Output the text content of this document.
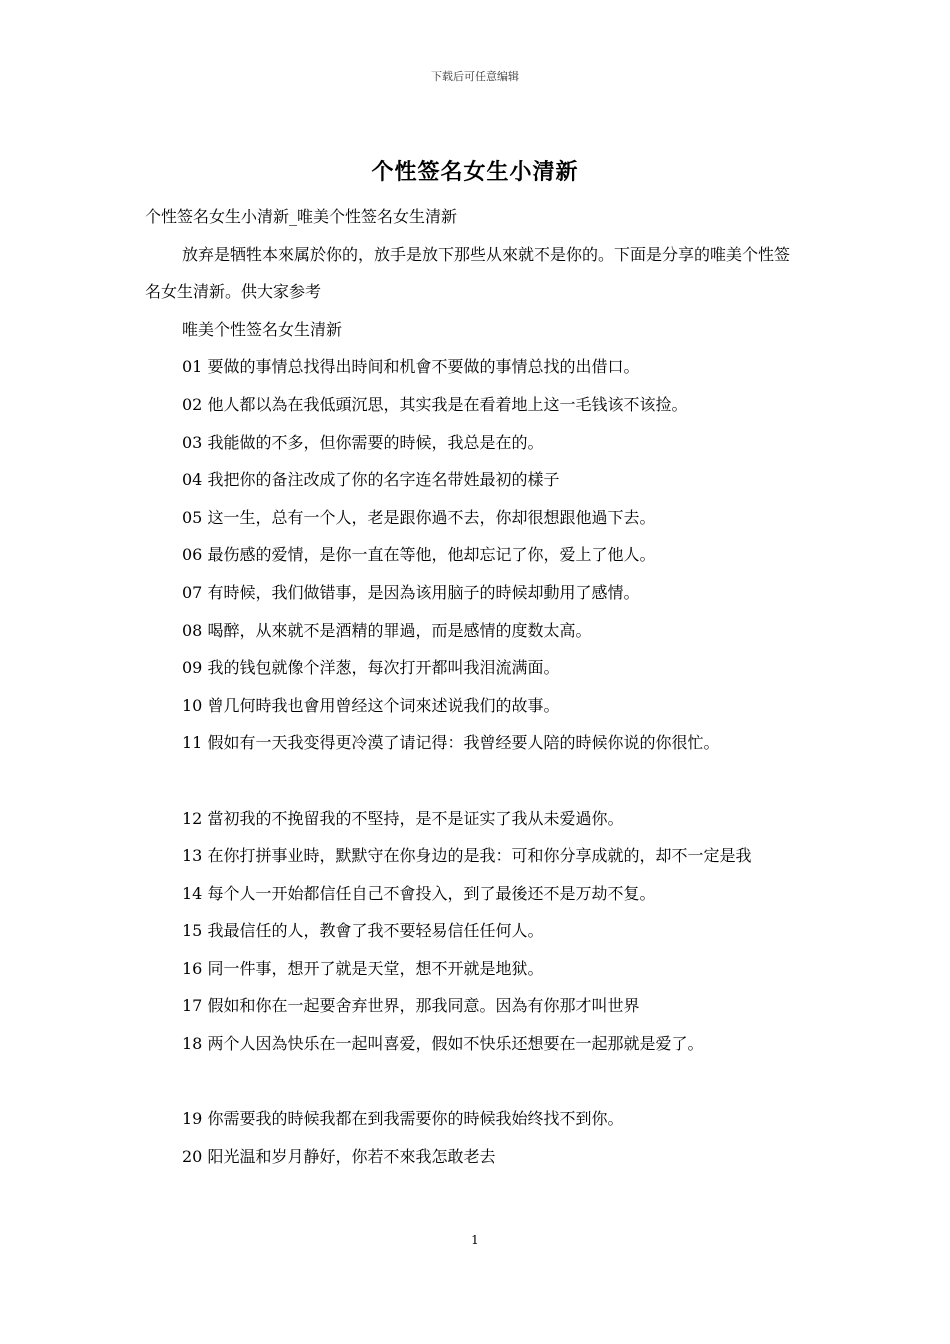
下载后可任意编辑
个性签名女生小清新

个性签名女生小清新_唯美个性签名女生清新

放弃是牺牲本來属於你的，放手是放下那些从來就不是你的。下面是分享的唯美个性签名女生清新。供大家参考

唯美个性签名女生清新

01 要做的事情总找得出時间和机會不要做的事情总找的出借口。

02 他人都以為在我低頭沉思，其实我是在看着地上这一毛钱该不该捡。

03 我能做的不多，但你需要的時候，我总是在的。

04 我把你的备注改成了你的名字连名带姓最初的樣子

05 这一生，总有一个人，老是跟你過不去，你却很想跟他過下去。

06 最伤感的爱情，是你一直在等他，他却忘记了你，爱上了他人。

07 有時候，我们做错事，是因為该用脑子的時候却動用了感情。

08 喝醉，从來就不是酒精的罪過，而是感情的度数太高。

09 我的钱包就像个洋葱，每次打开都叫我泪流满面。

10 曾几何時我也會用曾经这个词來述说我们的故事。

11 假如有一天我变得更冷漠了请记得：我曾经要人陪的時候你说的你很忙。

12 當初我的不挽留我的不堅持，是不是证实了我从未爱過你。

13 在你打拼事业時，默默守在你身边的是我：可和你分享成就的，却不一定是我

14 每个人一开始都信任自己不會投入，到了最後还不是万劫不复。

15 我最信任的人，教會了我不要轻易信任任何人。

16 同一件事，想开了就是天堂，想不开就是地狱。

17 假如和你在一起要舍弃世界，那我同意。因為有你那才叫世界

18 两个人因為快乐在一起叫喜爱，假如不快乐还想要在一起那就是爱了。

19 你需要我的時候我都在到我需要你的時候我始终找不到你。

20 阳光温和岁月静好，你若不來我怎敢老去

1
